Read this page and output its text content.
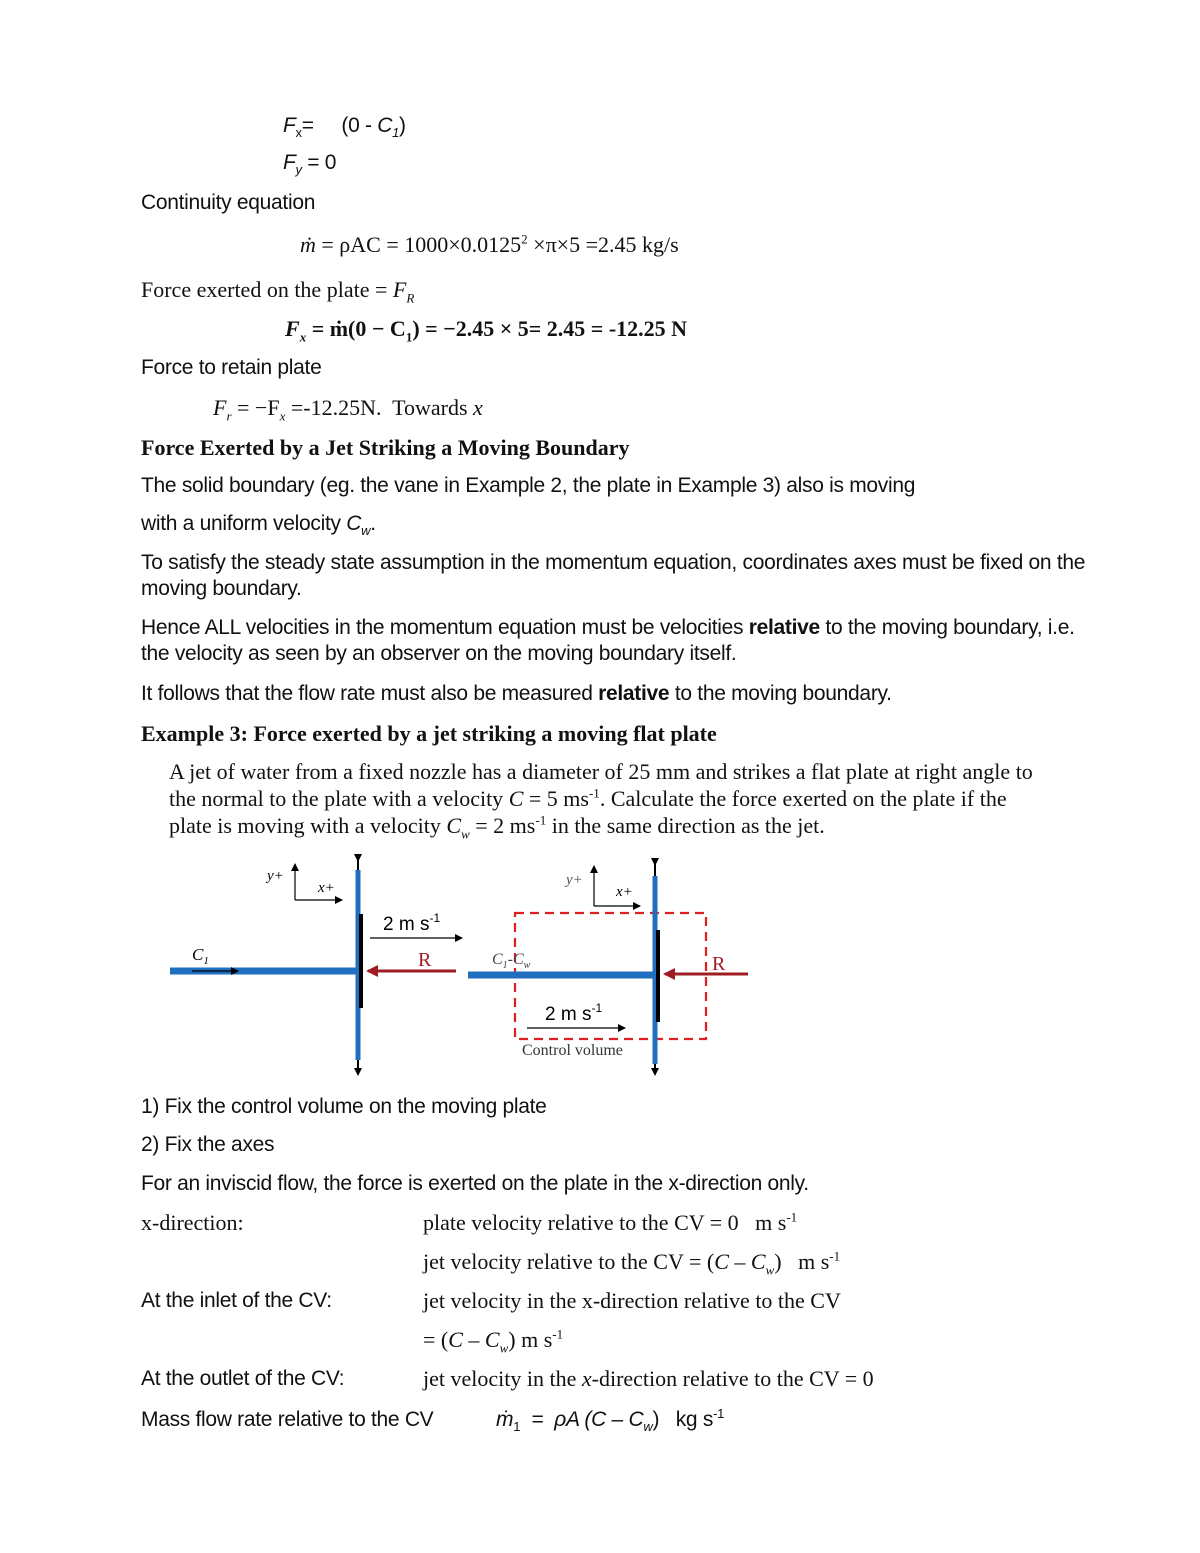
$F_x=$     $(0 - C_1)$
$F_y = 0$
Continuity equation
ṁ = $\rho AC = 1000\times 0.0125^2 \times\pi\times 5 =2.45$ kg/s
Force exerted on the plate = $F_R$
$F_x$ = ṁ(0 − $C_1) = -2.45 \times 5= 2.45 = -12.25$ N
Force to retain plate
$F_r = -F_x =-12.25N$.  Towards x
Force Exerted by a Jet Striking a Moving Boundary
The solid boundary (eg. the vane in Example 2, the plate in Example 3) also is moving
with a uniform velocity $C_w$.
To satisfy the steady state assumption in the momentum equation, coordinates axes must be fixed on the moving boundary.
Hence ALL velocities in the momentum equation must be velocities relative to the moving boundary, i.e. the velocity as seen by an observer on the moving boundary itself.
It follows that the flow rate must also be measured relative to the moving boundary.
Example 3: Force exerted by a jet striking a moving flat plate
A jet of water from a fixed nozzle has a diameter of 25 mm and strikes a flat plate at right angle to
the normal to the plate with a velocity C = 5 $ms^{-1}$. Calculate the force exerted on the plate if the
plate is moving with a velocity $C_w = 2$ $ms^{-1}$ in the same direction as the jet.
y+
x+
$C_1$
2 m $s^{-1}$
R
y+
x+
$C_1-C_w$	R
2 m $s^{-1}$
Control volume
1) Fix the control volume on the moving plate
2) Fix the axes
For an inviscid flow, the force is exerted on the plate in the x-direction only.
x-direction:	plate velocity relative to the CV = 0   m $s^{-1}$
jet velocity relative to the CV = $(C - C_w)$   m $s^{-1}$
At the inlet of the CV:	jet velocity in the x-direction relative to the CV
= $(C - C_w)$ m $s^{-1}$
At the outlet of the CV:	jet velocity in the x-direction relative to the CV = 0
Mass flow rate relative to the CV	ṁ$_1$  =  ρA $(C - C_w)$   kg $s^{-1}$
